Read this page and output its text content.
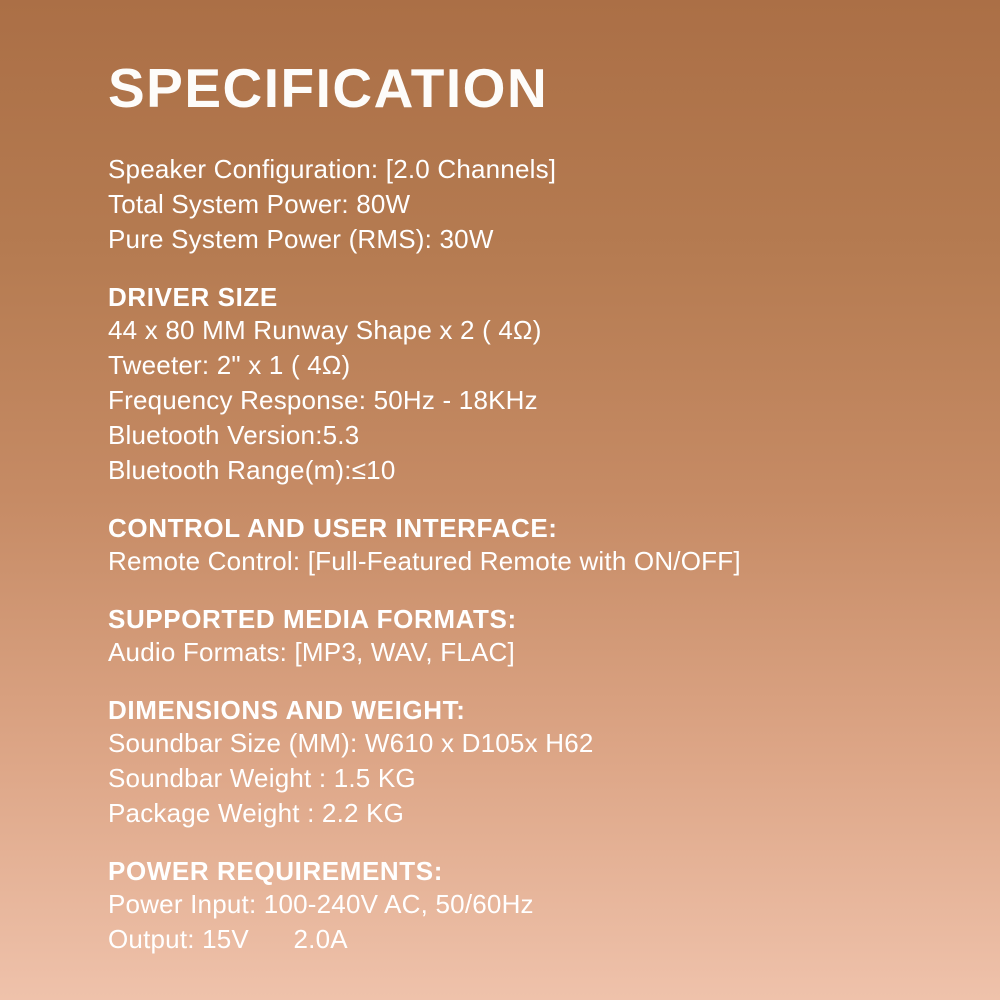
SPECIFICATION
Speaker Configuration: [2.0 Channels]
Total System Power: 80W
Pure System Power (RMS): 30W
DRIVER SIZE
44 x 80 MM Runway Shape x 2 ( 4Ω)
Tweeter: 2" x 1 ( 4Ω)
Frequency Response: 50Hz - 18KHz
Bluetooth Version:5.3
Bluetooth Range(m):≤10
CONTROL AND USER INTERFACE:
Remote Control: [Full-Featured Remote with ON/OFF]
SUPPORTED MEDIA FORMATS:
Audio Formats: [MP3, WAV, FLAC]
DIMENSIONS AND WEIGHT:
Soundbar Size (MM): W610 x D105x H62
Soundbar Weight : 1.5 KG
Package Weight : 2.2 KG
POWER REQUIREMENTS:
Power Input: 100-240V AC, 50/60Hz
Output: 15V      2.0A
